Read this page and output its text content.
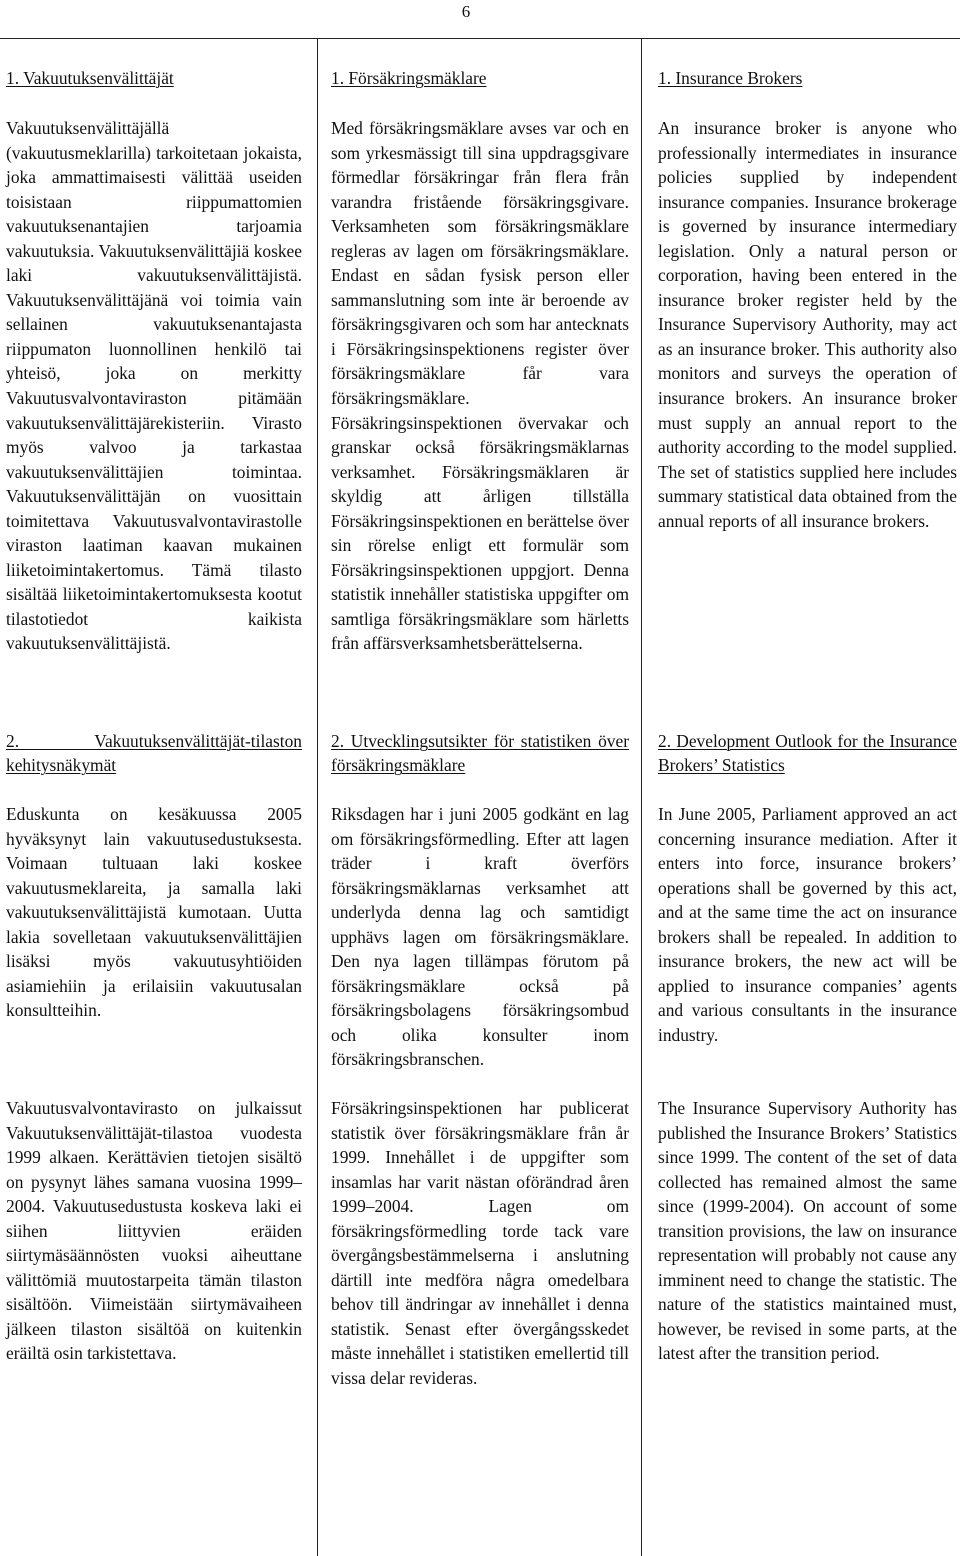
6
1. Vakuutuksenvälittäjät

Vakuutuksenvälittäjällä (vakuutusmeklarilla) tarkoitetaan jokaista, joka ammattimaisesti välittää useiden toisistaan riippumattomien vakuutuksenantajien tarjoamia vakuutuksia. Vakuutuksenvälittäjiä koskee laki vakuutuksenvälittäjistä. Vakuutuksenvälittäjänä voi toimia vain sellainen vakuutuksenantajasta riippumaton luonnollinen henkilö tai yhteisö, joka on merkitty Vakuutusvalvontaviraston pitämään vakuutuksenvälittäjärekisteriin. Virasto myös valvoo ja tarkastaa vakuutuksenvälittäjien toimintaa. Vakuutuksenvälittäjän on vuosittain toimitettava Vakuutusvalvontavirastolle viraston laatiman kaavan mukainen liiketoimintakertomus. Tämä tilasto sisältää liiketoimintakertomuksesta kootut tilastotiedot kaikista vakuutuksenvälittäjistä.

2. Vakuutuksenvälittäjät-tilaston kehitysnäkymät

Eduskunta on kesäkuussa 2005 hyväksynyt lain vakuutusedustuksesta. Voimaan tultuaan laki koskee vakuutusmeklareita, ja samalla laki vakuutuksenvälittäjistä kumotaan. Uutta lakia sovelletaan vakuutuksenvälittäjien lisäksi myös vakuutusyhtiöiden asiamiehiin ja erilaisiin vakuutusalan konsultteihin.

Vakuutusvalvontavirasto on julkaissut Vakuutuksenvälittäjät-tilastoa vuodesta 1999 alkaen. Kerättävien tietojen sisältö on pysynyt lähes samana vuosina 1999–2004. Vakuutusedustusta koskeva laki ei siihen liittyvien eräiden siirtymäsäännösten vuoksi aiheuttane välittömiä muutostarpeita tämän tilaston sisältöön. Viimeistään siirtymävaiheen jälkeen tilaston sisältöä on kuitenkin eräiltä osin tarkistettava.

1. Försäkringsmäklare

Med försäkringsmäklare avses var och en som yrkesmässigt till sina uppdragsgivare förmedlar försäkringar från flera från varandra fristående försäkringsgivare. Verksamheten som försäkringsmäklare regleras av lagen om försäkringsmäklare. Endast en sådan fysisk person eller sammanslutning som inte är beroende av försäkringsgivaren och som har antecknats i Försäkringsinspektionens register över försäkringsmäklare får vara försäkringsmäklare. Försäkringsinspektionen övervakar och granskar också försäkringsmäklarnas verksamhet. Försäkringsmäklaren är skyldig att årligen tillställa Försäkringsinspektionen en berättelse över sin rörelse enligt ett formulär som Försäkringsinspektionen uppgjort. Denna statistik innehåller statistiska uppgifter om samtliga försäkringsmäklare som härletts från affärsverksamhetsberättelserna.

2. Utvecklingsutsikter för statistiken över försäkringsmäklare

Riksdagen har i juni 2005 godkänt en lag om försäkringsförmedling. Efter att lagen träder i kraft överförs försäkringsmäklarnas verksamhet att underlyda denna lag och samtidigt upphävs lagen om försäkringsmäklare. Den nya lagen tillämpas förutom på försäkringsmäklare också på försäkringsbolagens försäkringsombud och olika konsulter inom försäkringsbranschen.

Försäkringsinspektionen har publicerat statistik över försäkringsmäklare från år 1999. Innehållet i de uppgifter som insamlas har varit nästan oförändrad åren 1999–2004. Lagen om försäkringsförmedling torde tack vare övergångsbestämmelserna i anslutning därtill inte medföra några omedelbara behov till ändringar av innehållet i denna statistik. Senast efter övergångsskedet måste innehållet i statistiken emellertid till vissa delar revideras.

1. Insurance Brokers

An insurance broker is anyone who professionally intermediates in insurance policies supplied by independent insurance companies. Insurance brokerage is governed by insurance intermediary legislation. Only a natural person or corporation, having been entered in the insurance broker register held by the Insurance Supervisory Authority, may act as an insurance broker. This authority also monitors and surveys the operation of insurance brokers. An insurance broker must supply an annual report to the authority according to the model supplied. The set of statistics supplied here includes summary statistical data obtained from the annual reports of all insurance brokers.

2. Development Outlook for the Insurance Brokers’ Statistics

In June 2005, Parliament approved an act concerning insurance mediation. After it enters into force, insurance brokers’ operations shall be governed by this act, and at the same time the act on insurance brokers shall be repealed. In addition to insurance brokers, the new act will be applied to insurance companies’ agents and various consultants in the insurance industry.

The Insurance Supervisory Authority has published the Insurance Brokers’ Statistics since 1999. The content of the set of data collected has remained almost the same since (1999-2004). On account of some transition provisions, the law on insurance representation will probably not cause any imminent need to change the statistic. The nature of the statistics maintained must, however, be revised in some parts, at the latest after the transition period.
